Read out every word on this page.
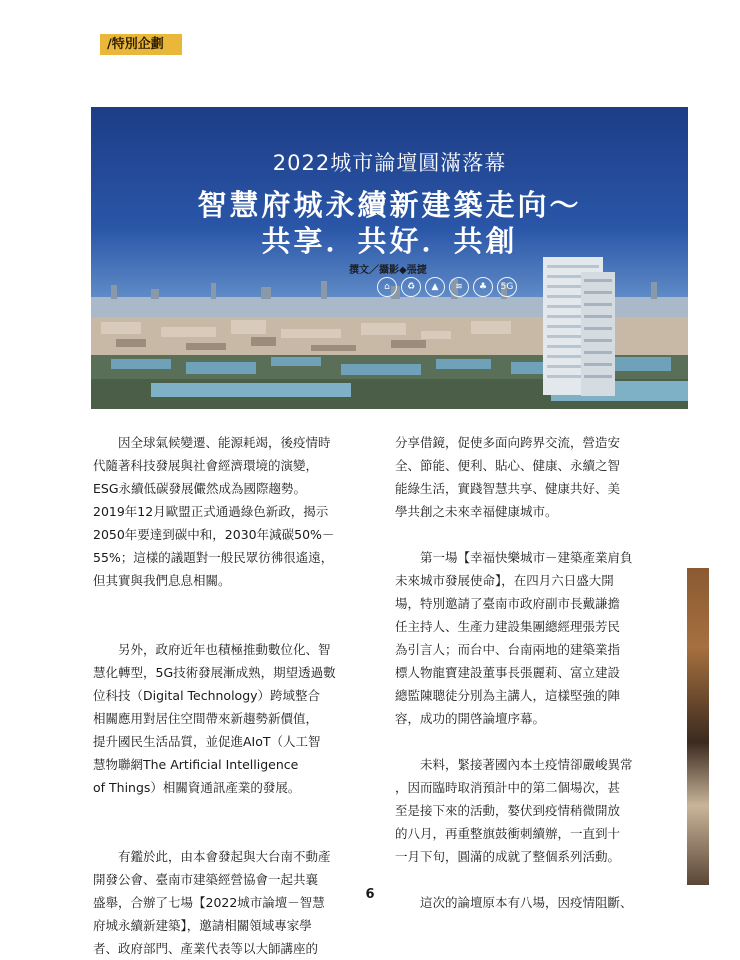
/特別企劃
2022城市論壇圓滿落幕
智慧府城永續新建築走向～
共享．共好．共創
撰文／攝影◆張捷
⌂	♻	▲	≋	♣	5G

　　因全球氣候變遷、能源耗竭，後疫情時

代隨著科技發展與社會經濟環境的演變，

ESG永續低碳發展儼然成為國際趨勢。

2019年12月歐盟正式通過綠色新政，揭示

2050年要達到碳中和，2030年減碳50%－

55%；這樣的議題對一般民眾彷彿很遙遠，

但其實與我們息息相關。

　　另外，政府近年也積極推動數位化、智

慧化轉型，5G技術發展漸成熟，期望透過數

位科技（Digital Technology）跨域整合

相關應用對居住空間帶來新趨勢新價值，

提升國民生活品質，並促進AIoT（人工智

慧物聯網The Artificial Intelligence

of Things）相關資通訊產業的發展。

　　有鑑於此，由本會發起與大台南不動產

開發公會、臺南市建築經營協會一起共襄

盛舉，合辦了七場【2022城市論壇－智慧

府城永續新建築】，邀請相關領域專家學

者、政府部門、產業代表等以大師講座的

分享借鏡，促使多面向跨界交流，營造安

全、節能、便利、貼心、健康、永續之智

能綠生活，實踐智慧共享、健康共好、美

學共創之未來幸福健康城市。

　　第一場【幸福快樂城市－建築產業肩負

未來城市發展使命】，在四月六日盛大開

場，特別邀請了臺南市政府副市長戴謙擔

任主持人、生產力建設集團總經理張芳民

為引言人；而台中、台南兩地的建築業指

標人物龍寶建設董事長張麗莉、富立建設

總監陳聰徒分別為主講人，這樣堅強的陣

容，成功的開啓論壇序幕。

　　未料，緊接著國內本土疫情卻嚴峻異常

，因而臨時取消預計中的第二個場次，甚

至是接下來的活動，嫯伏到疫情稍微開放

的八月，再重整旗鼓衝刺續辦，一直到十

一月下旬，圓滿的成就了整個系列活動。

　　這次的論壇原本有八場，因疫情阻斷、

6
